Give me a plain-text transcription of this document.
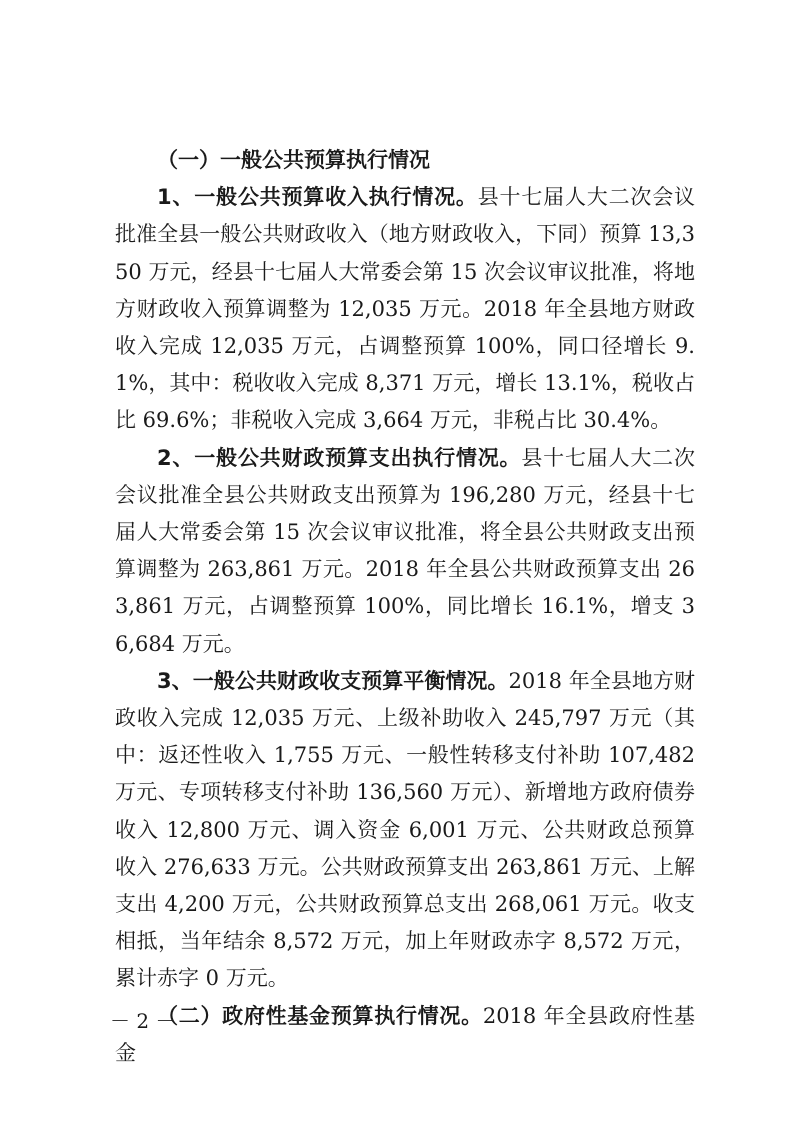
（一）一般公共预算执行情况

1、一般公共预算收入执行情况。县十七届人大二次会议批准全县一般公共财政收入（地方财政收入，下同）预算 13,350 万元，经县十七届人大常委会第 15 次会议审议批准，将地方财政收入预算调整为 12,035 万元。2018 年全县地方财政收入完成 12,035 万元，占调整预算 100%，同口径增长 9.1%，其中：税收收入完成 8,371 万元，增长 13.1%，税收占比 69.6%；非税收入完成 3,664 万元，非税占比 30.4%。

2、一般公共财政预算支出执行情况。县十七届人大二次会议批准全县公共财政支出预算为 196,280 万元，经县十七届人大常委会第 15 次会议审议批准，将全县公共财政支出预算调整为 263,861 万元。2018 年全县公共财政预算支出 263,861 万元，占调整预算 100%，同比增长 16.1%，增支 36,684 万元。

3、一般公共财政收支预算平衡情况。2018 年全县地方财政收入完成 12,035 万元、上级补助收入 245,797 万元（其中：返还性收入 1,755 万元、一般性转移支付补助 107,482 万元、专项转移支付补助 136,560 万元）、新增地方政府债券收入 12,800 万元、调入资金 6,001 万元、公共财政总预算收入 276,633 万元。公共财政预算支出 263,861 万元、上解支出 4,200 万元，公共财政预算总支出 268,061 万元。收支相抵，当年结余 8,572 万元，加上年财政赤字 8,572 万元，累计赤字 0 万元。

（二）政府性基金预算执行情况。2018 年全县政府性基金

－ 2 －
